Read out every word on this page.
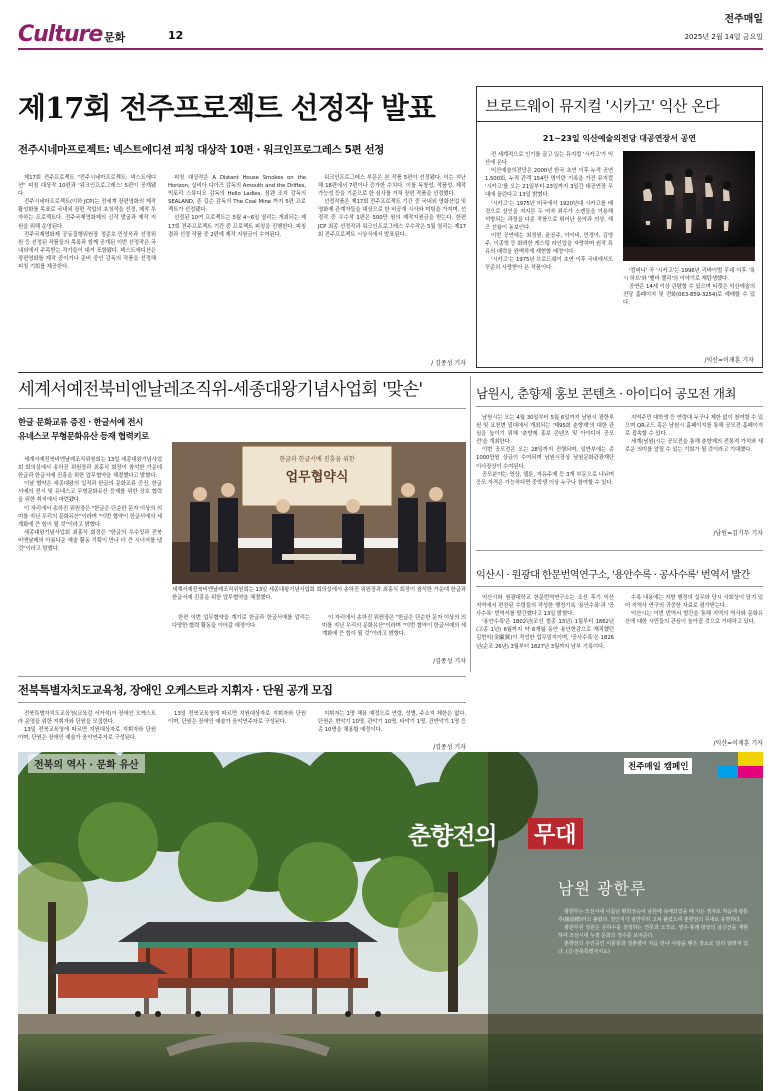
Culture 문화	12
전주매일
2025년 2월 14일 금요일
제17회 전주프로젝트 선정작 발표
전주시네마프로젝트: 넥스트에디션 피칭 대상작 10편 · 워크인프로그레스 5편 선정

제17회 전주프로젝트 "전주시네마프로젝트: 넥스트에디션" 피칭 대상작 10편과 '워크인프로그레스' 5편이 공개됐다.

전주시네마프로젝트(이하 JCP)는 전세계 장편영화의 제작 활성화를 목표로 국내외 장편 작업의 초청작을 선정, 제작 투자하는 프로젝트다. 전주국제영화제의 신작 발굴과 제작 지원을 위해 운영된다.

전주국제영화제 공동집행위원장 정준호·민성욱과 선정위원 등 선정된 작품들의 목록과 함께 공개된 이번 선정작은 국내외에서 주목받는 작가들이 대거 포함됐다. 넥스트에디션은 장편영화를 제작 중이거나 준비 중인 감독의 작품을 선정해 피칭 기회를 제공한다.

피칭 대상작은 A Distant House Smokes on the Horizon, 실비아 디아즈 감독의 Amouth and the Driftes, 빅토리 스튜디오 감독의 Hello Ladies, 심웬 조지 감독의 SEALAND, 존 길슨 감독의 The Coal Mine 까지 5편 프로젝트가 선정됐다.

선정된 10여 프로젝트는 5월 4~6일 열리는 개최되는 제17회 전주프로젝트 기간 중 프로젝트 피칭을 진행한다. 피칭 결과 선정 작품 중 2편에 제작 지원금이 수여된다.

워크인프로그레스 부문은 본 작품 5편이 선정됐다. 이는 지난해 18편에서 7편이나 증가한 수치다. 이를 독창성, 작품성, 제작가능성 등을 기준으로 한 심사를 거쳐 장편 작품을 선정했다.

선정작품은 제17회 전주프로젝트 기간 중 국내외 영화산업 및 영화제 관계자들을 대상으로 한 비공개 시사와 미팅을 가지며, 선정작 중 우수작 1편은 500만 원의 제작지원금을 받는다. 한편 JCP 최종 선정작과 워크인프로그레스 우수작은 5월 열리는 제17회 전주프로젝트 시상식에서 발표된다.

/ 김종성 기자
브로드웨이 뮤지컬 '시카고' 익산 온다
21~23일 익산예술의전당 대공연장서 공연

전 세계적으로 인기를 끌고 있는 뮤지컬 '시카고'가 익산에 온다.

익산예술의전당은 2000년 한국 초연 이후 누적 공연 1,500회, 누적 관객 154만 명이란 기록을 가진 뮤지컬 '시카고'를 오는 21일부터 23일까지 3일간 대공연장 무대에 올린다고 13일 밝혔다.

'시카고'는 1975년 미국에서 1920년대 시카고를 배경으로 살인을 저지른 두 여자 죄수가 스캔들을 이용해 석방되는 과정을 다룬 작품으로 뛰어난 음악과 의상, 재즈 선율이 돋보인다.

이번 공연에는 최정원, 윤공주, 아이비, 민경아, 김영주, 이종혁 등 화려한 캐스팅 라인업을 자랑하며 원작 특유의 매력을 완벽하게 재현할 예정이다.

'시카고'는 1975년 브로드웨이 초연 이후 국내에서도 꾸준히 사랑받아 온 작품이다.	'컴퍼니' 곡 '시카고'는 1996년 리바이벌 무대 이후 '록시 하트'와 '벨마 켈리'의 이야기로 재탄생했다.

공연은 14세 이상 관람할 수 있으며 티켓은 익산예술의전당 홈페이지 및 전화(063-859-3254)로 예매할 수 있다.

/익산=이재훈 기자
세계서예전북비엔날레조직위-세종대왕기념사업회 '맞손'
한글 문화교류 증진 · 한글서예 전시
유네스코 무형문화유산 등재 협력키로

세계서예전북비엔날레조직위원회는 13일 세종대왕기념사업회 회의실에서 송하진 위원장과 최홍식 회장이 참석한 가운데 한글과 한글서예 진흥을 위한 업무협약을 체결했다고 밝혔다.

이날 협약은 세종대왕의 업적과 한글의 문화교류 증진, 한글서예의 전시 및 유네스코 무형문화유산 등재를 위한 상호 협력을 위한 취지에서 마련됐다.

이 자리에서 송하진 위원장은 "한글은 단순한 문자 이상의 의미를 지닌 우리의 문화유산"이라며 "이번 협약이 한글서예의 세계화에 큰 힘이 될 것"이라고 밝혔다.

세종대왕기념사업회 최홍식 회장은 "한글의 우수성과 전북비엔날레의 아름다운 예술 활동 기획이 만나 더 큰 시너지를 낼 것"이라고 말했다.

한글과 한글서예 진흥을 위한
업무협약식
세계서예전북비엔날레조직위원회는 13일 세종대왕기념사업회 회의실에서 송하진 위원장과 최홍식 회장이 참석한 가운데 한글과 한글서예 진흥을 위한 업무협약을 체결했다.

한편 이번 업무협약을 계기로 한글과 한글서예를 알리는 다양한 협력 활동을 이어갈 예정이다.

이 자리에서 송하진 위원장은 "한글은 단순한 문자 이상의 의미를 지닌 우리의 문화유산"이라며 "이번 협약이 한글서예의 세계화에 큰 힘이 될 것"이라고 밝혔다.

/김종성 기자
남원시, 춘향제 홍보 콘텐츠 · 아이디어 공모전 개최

남원시는 오는 4월 30일부터 5월 6일까지 남원시 광한루원 및 요천변 일대에서 개최되는 '제95회 춘향제'의 대한 관심을 높이기 위해 '춘향제 홍보 콘텐츠 및 아이디어 공모전'을 개최한다.

이번 공모전은 오는 28일까지 진행되며, 일반부에는 총 1000만원 상금이 수여되며 남원시장상 남원문화관광재단 이사장상이 수여된다.

공모분야는 영상, 웹툰, 자유주제 등 3개 부문으로 나뉘며 응모 자격은 가능하다면 중학생 이상 누구나 참여할 수 있다.

지역주민 대학생 등 연령대 누구나 제한 없이 참여할 수 있으며 QR코드 혹은 남원시 홈페이지를 통해 공모전 홈페이지로 접속할 수 있다.

세계(남원)시는 공모전을 통해 춘향제의 전통적 가치와 새로운 의미를 알릴 수 있는 기회가 될 것이라고 기대했다.

/남원=김기두 기자
익산시 · 원광대 한문번역연구소, '용안수록 · 공사수록' 번역서 발간

익산시와 원광대학교 한문번역연구소는 조선 후기 익산 지역에서 편찬된 수령들의 작성한 행정기록 '용안수록'과 '공사수록' 번역서를 발간했다고 13일 밝혔다.

'용안수록'은 1802년(조선 철종 13년) 1월부터 1862년(고종 1년) 6월까지 약 6개월 동안 용안현감으로 재직했던 김현익(金顯翼)이 작성한 업무일지이며, '공사수록'은 1826년(순조 26년) 3월부터 1827년 3월까지 남부 기록이다.

수록 내용에는 지방 행정의 실무와 당시 사회상이 담겨 있어 지역사 연구의 귀중한 자료로 평가받는다.

익산시는 이번 번역서 발간을 통해 지역의 역사와 문화유산에 대한 시민들의 관심이 높아질 것으로 기대하고 있다.

/익산=이재훈 기자
전북특별자치도교육청, 장애인 오케스트라 지휘자 · 단원 공개 모집

전북특별자치도교육청(교육감 서거석)이 장애인 오케스트라 운영을 위한 지휘자와 단원을 모집한다.

13일 전북교육청에 따르면 지원대상자로 지휘자와 단원이며, 단원은 장애인 예술가 음악연주자로 구성된다.

13일 전북교육청에 따르면 지원대상자로 지휘자와 단원이며, 단원은 장애인 예술가 음악연주자로 구성된다.

지휘자는 1명 채용 예정으로 연령, 성별, 주소지 제한은 없다. 단원은 현악기 10명, 관악기 10명, 타악기 1명, 건반악기 1명 등 총 10명을 채용할 예정이다.

/김종성 기자
전북의 역사 · 문화 유산	전주매일 캠페인
춘향전의 무대
남원 광한루

광한루는 조선시대 이름난 황희정승이 남원에 유배되었을 때 지은 정자로 처음에 광통루(廣通樓)라고 불렸다. 정인지가 광한루라 고쳐 불렀으며 춘향전의 무대로 유명하다.

광한루원 정원은 은하수를 상징하는 연못과 오작교, 영주·봉래·방장의 삼신산을 재현하여 조선시대 누정 문화의 정수를 보여준다.

춘향전의 주인공인 이몽룡과 성춘향이 처음 만나 사랑을 맺은 장소로 널리 알려져 있다. (글·전북특별자치도)
